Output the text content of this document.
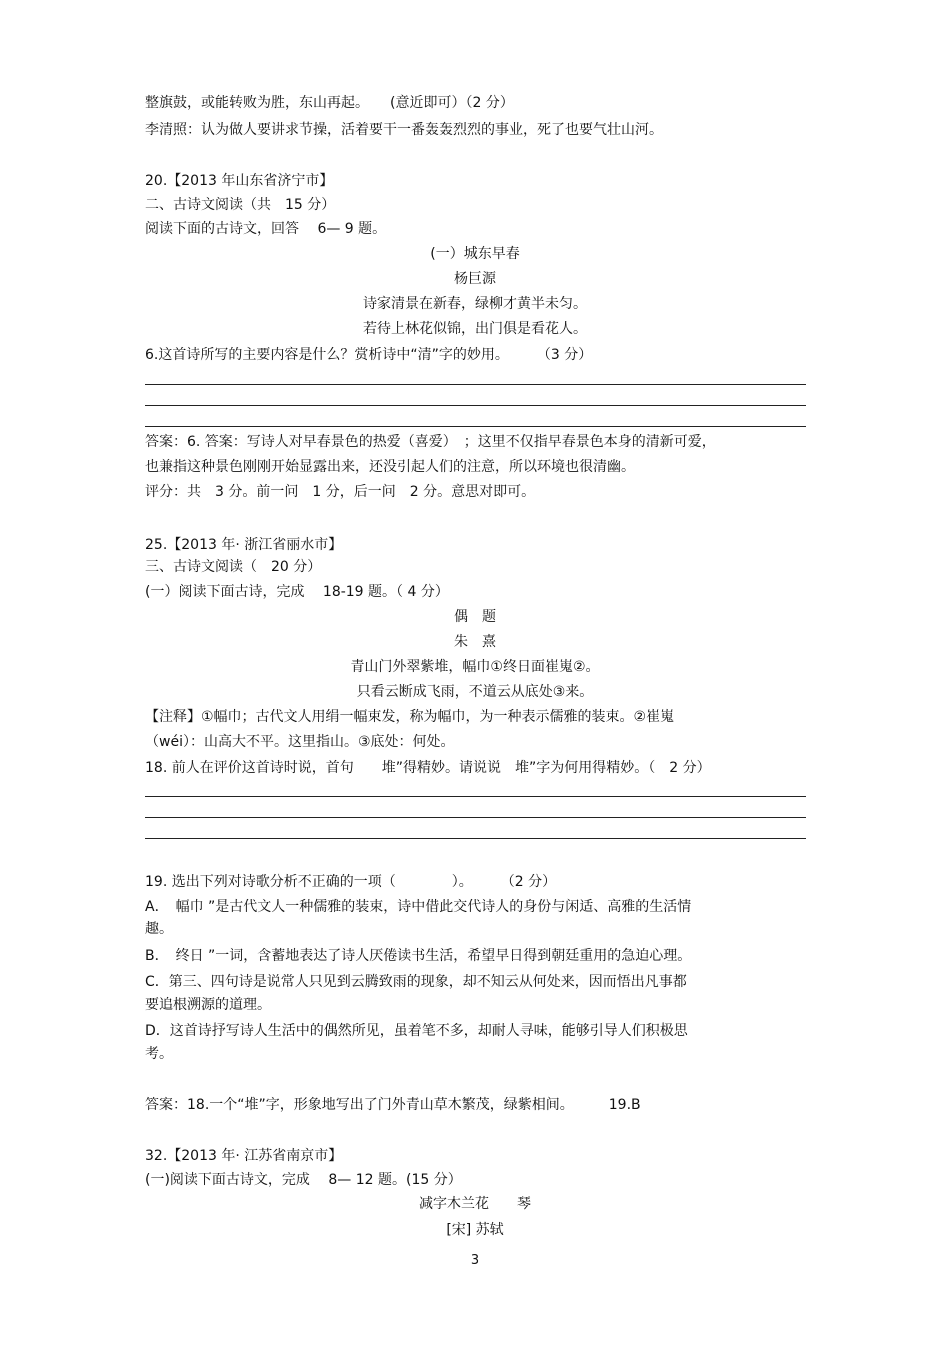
整旗鼓，或能转败为胜，东山再起。　　(意近即可）（2 分）
李清照：认为做人要讲求节操，活着要干一番轰轰烈烈的事业，死了也要气壮山河。
20.【2013 年山东省济宁市】
二、古诗文阅读（共　15 分）
阅读下面的古诗文，回答　 6— 9 题。
(一）城东早春
杨巨源
诗家清景在新春，绿柳才黄半未匀。
若待上林花似锦，出门俱是看花人。
6.这首诗所写的主要内容是什么？赏析诗中“清”字的妙用。　　　（3 分）
答案：6. 答案：写诗人对早春景色的热爱（喜爱）　；这里不仅指早春景色本身的清新可爱，
也兼指这种景色刚刚开始显露出来，还没引起人们的注意，所以环境也很清幽。
评分：共　3 分。前一问　1 分，后一问　2 分。意思对即可。
25.【2013 年· 浙江省丽水市】
三、古诗文阅读（　20 分）
(一）阅读下面古诗，完成　 18-19 题。（ 4 分）
偶　题
朱　熹
青山门外翠紫堆，幅巾①终日面崔嵬②。
只看云断成飞雨，不道云从底处③来。
【注释】①幅巾；古代文人用绢一幅束发，称为幅巾，为一种表示儒雅的装束。②崔嵬
（wéi）：山高大不平。这里指山。③底处：何处。
18. 前人在评价这首诗时说，首句　　堆”得精妙。请说说　堆”字为何用得精妙。（　2 分）
19. 选出下列对诗歌分析不正确的一项（　　　　）。　　　（2 分）
A．　幅巾 ”是古代文人一种儒雅的装束，诗中借此交代诗人的身份与闲适、高雅的生活情
趣。
B．　终日 ”一词，含蓄地表达了诗人厌倦读书生活，希望早日得到朝廷重用的急迫心理。
C．第三、四句诗是说常人只见到云腾致雨的现象，却不知云从何处来，因而悟出凡事都
要追根溯源的道理。
D．这首诗抒写诗人生活中的偶然所见，虽着笔不多，却耐人寻味，能够引导人们积极思
考。
答案：18.一个“堆”字，形象地写出了门外青山草木繁茂，绿紫相间。　　　19.B
32.【2013 年· 江苏省南京市】
(一)阅读下面古诗文，完成　 8— 12 题。(15 分）
减字木兰花　　琴
[宋] 苏轼
3
